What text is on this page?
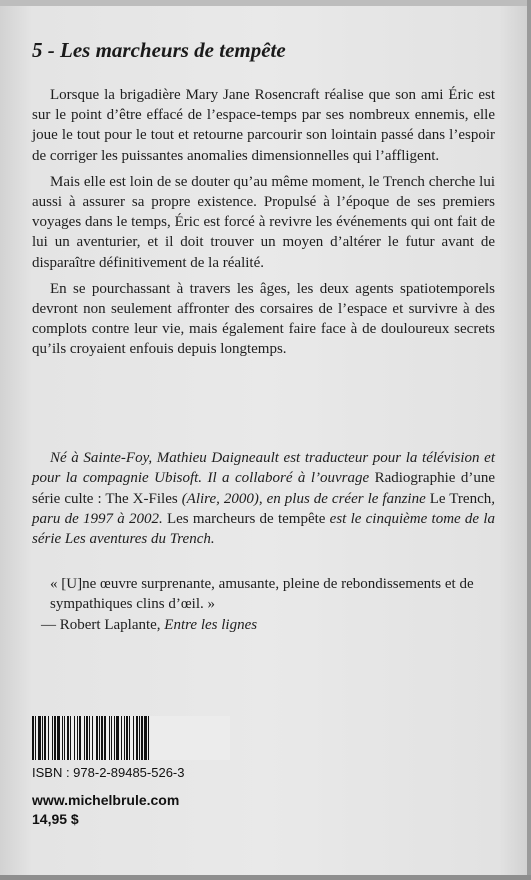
5 - Les marcheurs de tempête

Lorsque la brigadière Mary Jane Rosencraft réalise que son ami Éric est sur le point d’être effacé de l’espace-temps par ses nombreux ennemis, elle joue le tout pour le tout et retourne parcourir son lointain passé dans l’espoir de corriger les puissantes anomalies dimensionnelles qui l’affligent.

Mais elle est loin de se douter qu’au même moment, le Trench cherche lui aussi à assurer sa propre existence. Propulsé à l’époque de ses premiers voyages dans le temps, Éric est forcé à revivre les événements qui ont fait de lui un aventurier, et il doit trouver un moyen d’altérer le futur avant de disparaître définitivement de la réalité.

En se pourchassant à travers les âges, les deux agents spatiotemporels devront non seulement affronter des corsaires de l’espace et survivre à des complots contre leur vie, mais également faire face à de douloureux secrets qu’ils croyaient enfouis depuis longtemps.

Né à Sainte-Foy, Mathieu Daigneault est traducteur pour la télévision et pour la compagnie Ubisoft. Il a collaboré à l’ouvrage Radiographie d’une série culte : The X-Files (Alire, 2000), en plus de créer le fanzine Le Trench, paru de 1997 à 2002. Les marcheurs de tempête est le cinquième tome de la série Les aventures du Trench.

« [U]ne œuvre surprenante, amusante, pleine de rebondissements et de sympathiques clins d’œil. »
— Robert Laplante, Entre les lignes
ISBN : 978-2-89485-526-3
www.michelbrule.com
14,95 $
